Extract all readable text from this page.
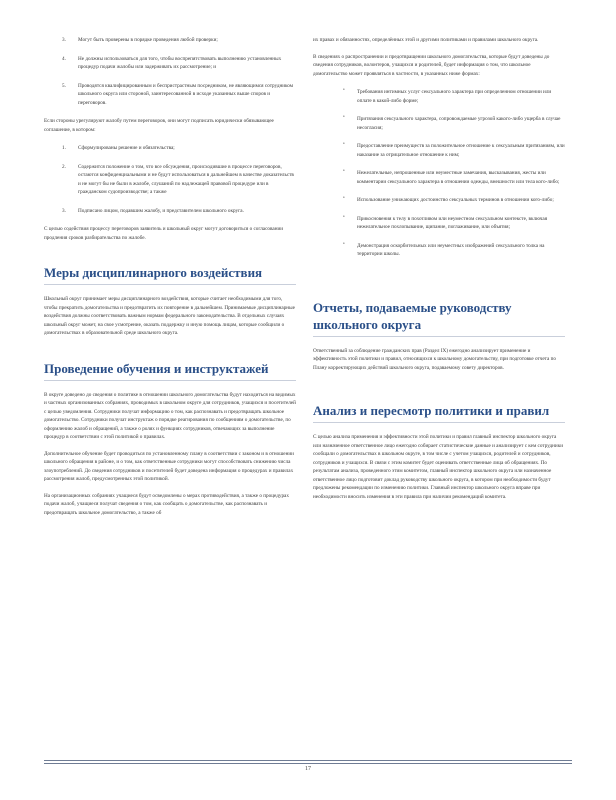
3.	Могут быть проверены в порядке проведения любой проверки;
4.	Не должны использоваться для того, чтобы воспрепятствовать выполнению установленных процедур подачи жалобы или задерживать их рассмотрение; и
5.	Проводятся квалифицированным и беспристрастным посредником, не являющимся сотрудником школьного округа или стороной, заинтересованной в исходе указанных выше споров и переговоров.

Если стороны урегулируют жалобу путем переговоров, они могут подписать юридически обязывающее соглашение, в котором:

1.	Сформулированы решение и обязательства;
2.	Содержится положение о том, что все обсуждения, происходившие в процессе переговоров, остаются конфиденциальными и не будут использоваться в дальнейшем в качестве доказательств и не могут бы не были в жалобе, слушаний по надлежащей правовой процедуре или в гражданском судопроизводстве; а также
3.	Подписано лицом, подавшим жалобу, и представителем школьного округа.

С целью содействия процессу переговоров заявитель и школьный округ могут договориться о согласовании продления сроков разбирательства по жалобе.

Меры дисциплинарного воздействия

Школьный округ принимает меры дисциплинарного воздействия, которые считает необходимыми для того, чтобы прекратить домогательства и предотвратить их повторение в дальнейшем. Принимаемые дисциплинарные воздействия должны соответствовать важным нормам федерального законодательства. В отдельных случаях школьный округ может, на свое усмотрение, оказать поддержку и иную помощь лицам, которые сообщили о домогательствах в образовательной среде школьного округа.

Проведение обучения и инструктажей

В округе доведено до сведения о политике в отношении школьного домогательства будут находиться на видимых и частных организованных собраниях, проводимых в школьном округе для сотрудников, учащихся и посетителей с целью уведомления. Сотрудники получат информацию о том, как распознавать и предотвращать школьное домогательство. Сотрудники получат инструктаж о порядке реагирования по сообщениям о домогательстве, по оформлению жалоб и обращений, а также о ролях и функциях сотрудников, отвечающих за выполнение процедур в соответствии с этой политикой о правилах.

Дополнительное обучение будет проводиться по установленному плану в соответствии с законом и в отношении школьного обращения в районе, и о том, как ответственные сотрудники могут способствовать снижению числа злоупотреблений. До сведения сотрудников и посетителей будет доведена информация о процедурах и правилах рассмотрения жалоб, предусмотренных этой политикой.

На организационных собраниях учащиеся будут осведомлены о мерах противодействия, а также о процедурах подачи жалоб, учащиеся получат сведения о том, как сообщать о домогательстве, как распознавать и предотвращать школьное домогательство, а также об

их правах и обязанностях, определённых этой и другими политиками и правилами школьного округа.

В сведениях о распространении и предотвращении школьного домогательства, которые будут доведены до сведения сотрудников, волонтеров, учащихся и родителей, будет информация о том, что школьное домогательство может проявляться в частности, в указанных ниже формах:

•	Требования интимных услуг сексуального характера при определенном отношении или оплате в какой-либо форме;
•	Притязания сексуального характера, сопровождаемые угрозой какого-либо ущерба в случае несогласия;
•	Предоставление преимуществ за положительное отношение к сексуальным притязаниям, или наказание за отрицательное отношение к ним;
•	Нежелательные, непрошенные или неуместные замечания, высказывания, жесты или комментарии сексуального характера в отношении одежды, внешности или тела кого-либо;
•	Использование унижающих достоинство сексуальных терминов в отношении кого-либо;
•	Прикосновения к телу в похотливом или неуместном сексуальном контексте, включая нежелательное похлопывание, щипание, поглаживание, или объятия;
•	Демонстрация оскорбительных или неуместных изображений сексуального толка на территории школы.
Отчеты, подаваемые руководству школьного округа

Ответственный за соблюдение гражданских прав (Раздел IX) ежегодно анализирует применение и эффективность этой политики и правил, относящихся к школьному домогательству, при подготовке отчета по Плану корректирующих действий школьного округа, подаваемому совету директоров.

Анализ и пересмотр политики и правил

С целью анализа применения и эффективности этой политики и правил главный инспектор школьного округа или назначенное ответственное лицо ежегодно собирает статистические данные и анализирует с кем сотрудники сообщали о домогательствах в школьном округе, в том числе с учетом учащихся, родителей и сотрудников, сотрудников и учащихся. В связи с этим комитет будет оценивать ответственные лица об обращениях. По результатам анализа, проведенного этим комитетом, главный инспектор школьного округа или назначенное ответственное лицо подготовит доклад руководству школьного округа, в котором при необходимости будут предложены рекомендации по изменению политики. Главный инспектор школьного округа вправе при необходимости вносить изменения в эти правила при наличии рекомендаций комитета.

17
